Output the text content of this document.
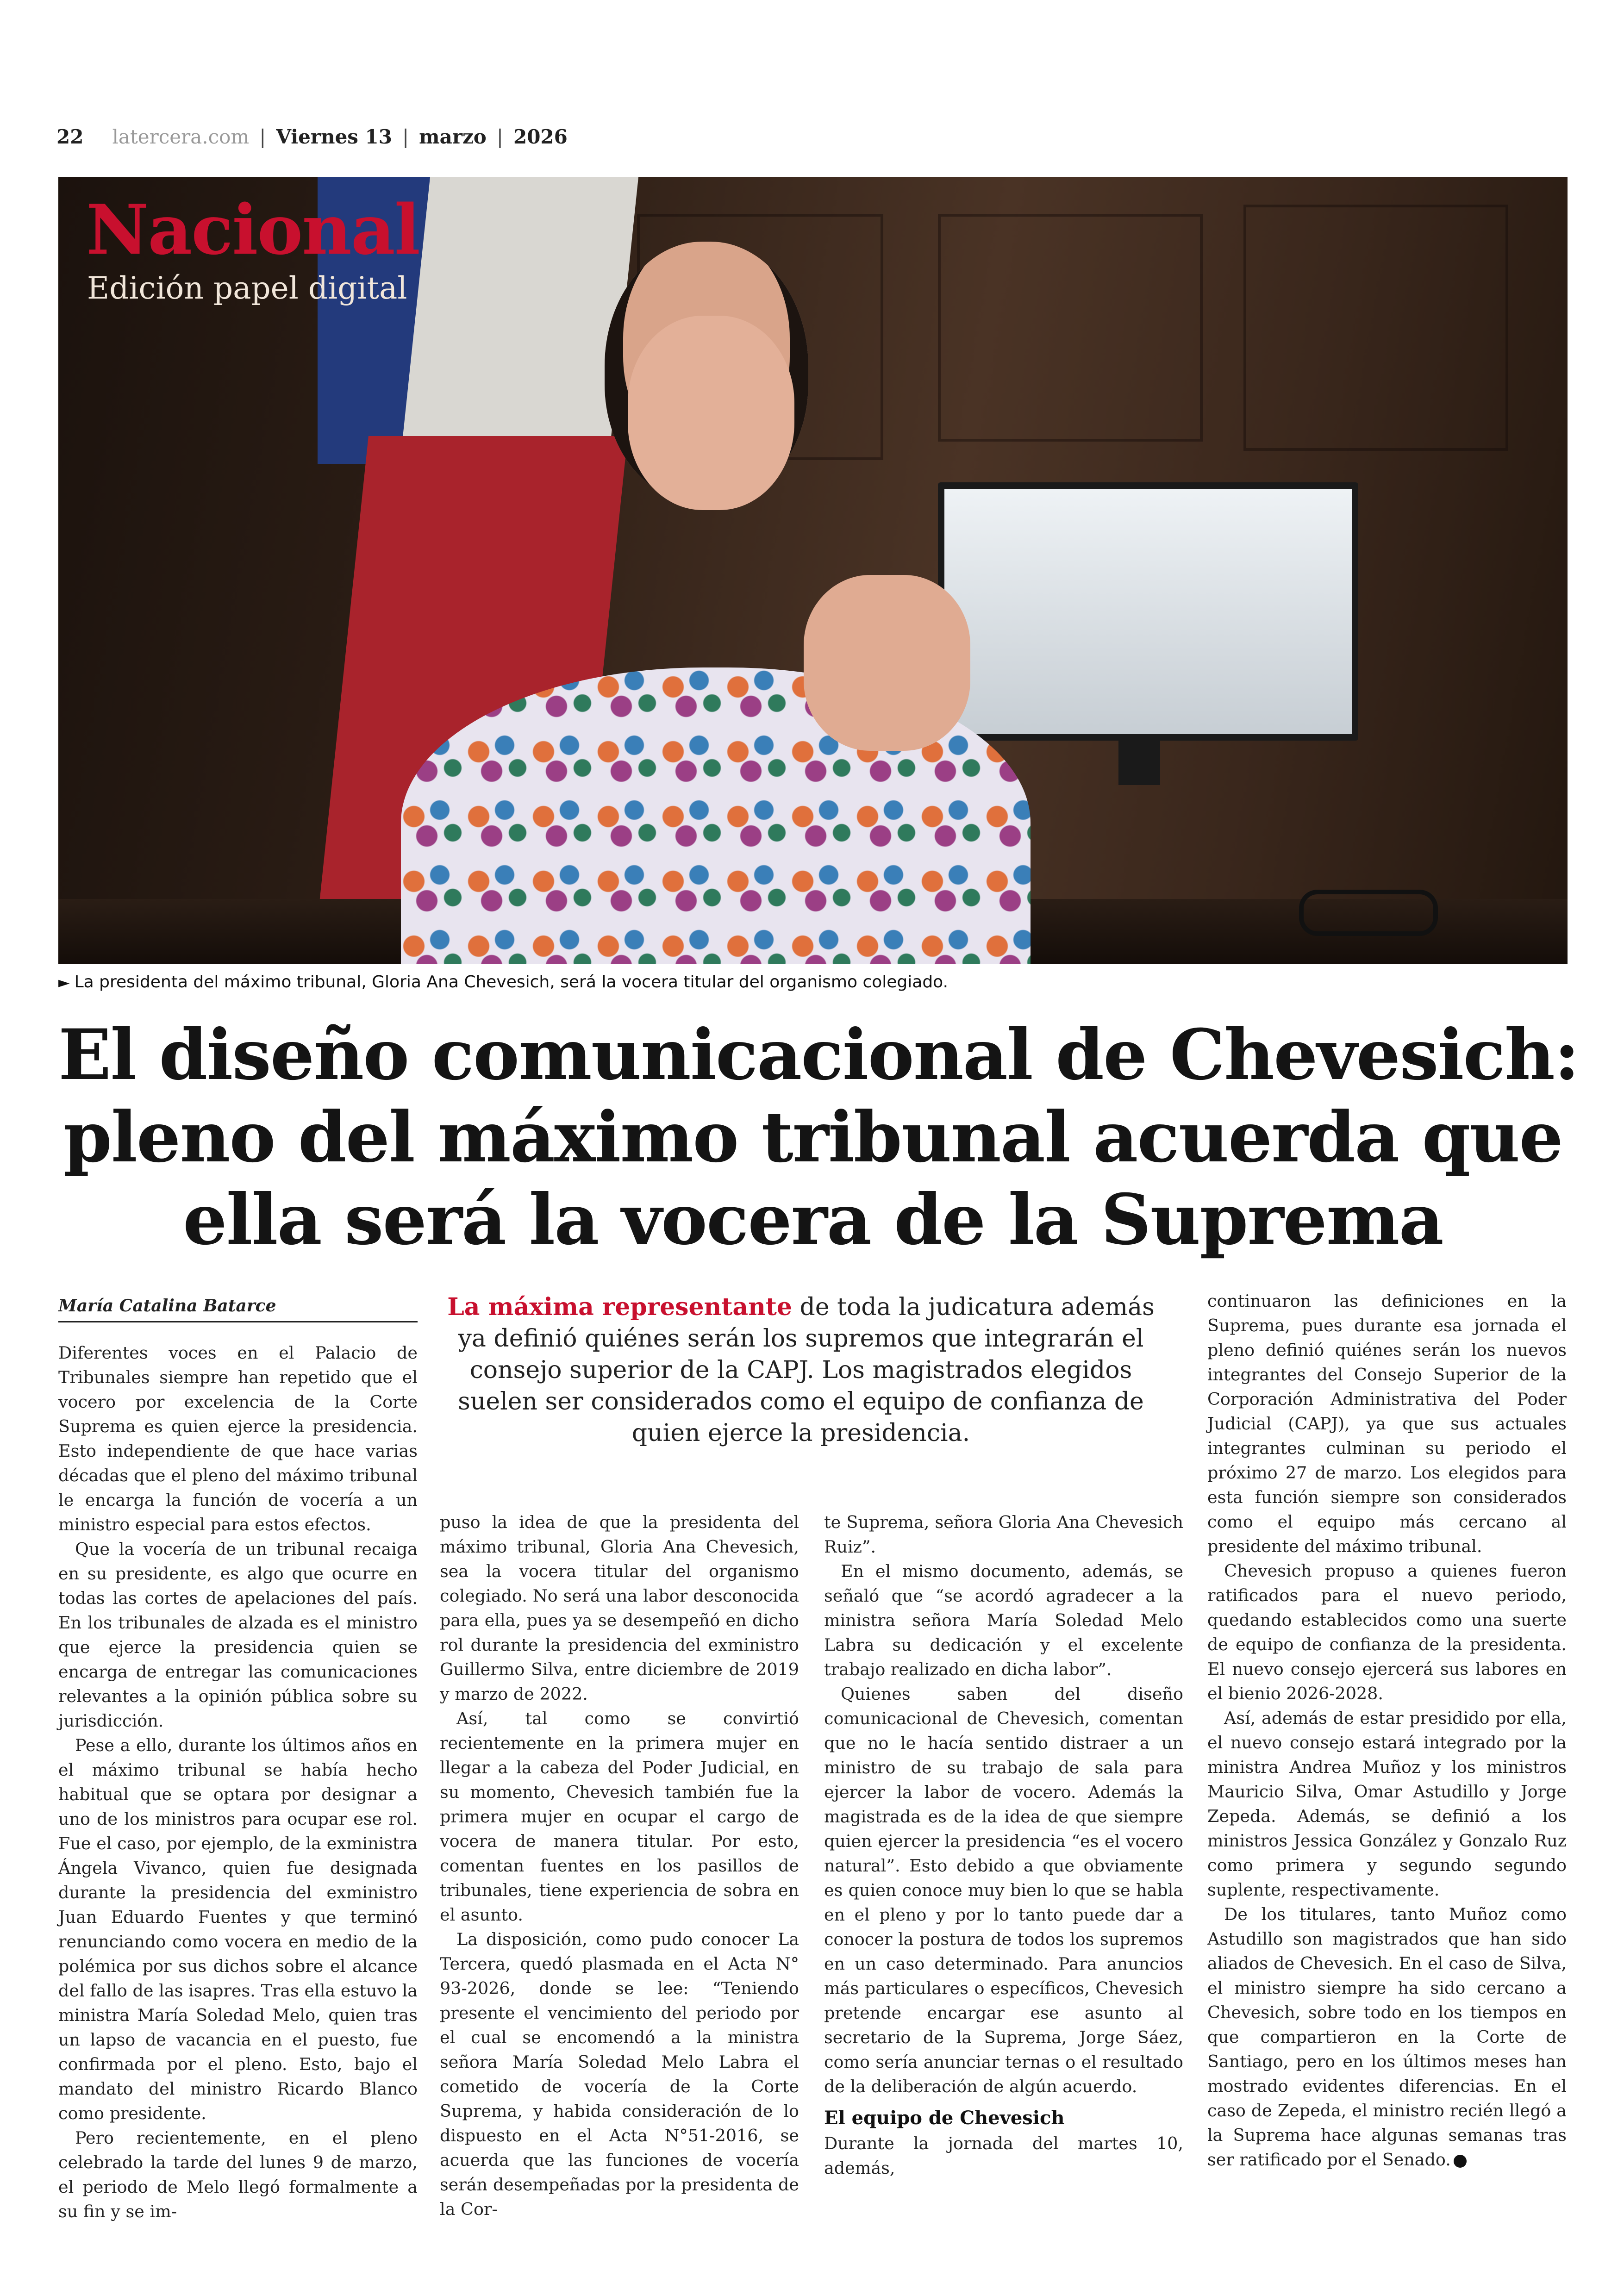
22 latercera.com | Viernes 13 | marzo | 2026
Nacional
Edición papel digital
► La presidenta del máximo tribunal, Gloria Ana Chevesich, será la vocera titular del organismo colegiado.
El diseño comunicacional de Chevesich:
pleno del máximo tribunal acuerda que
ella será la vocera de la Suprema
María Catalina Batarce	La máxima representante de toda la judicatura además ya definió quiénes serán los supremos que integrarán el consejo superior de la CAPJ. Los magistrados elegidos suelen ser considerados como el equipo de confianza de quien ejerce la presidencia.

Diferentes voces en el Palacio de Tribunales siempre han repetido que el vocero por excelencia de la Corte Suprema es quien ejerce la presidencia. Esto independiente de que hace varias décadas que el pleno del máximo tribunal le encarga la función de vocería a un ministro especial para estos efectos.

Que la vocería de un tribunal recaiga en su presidente, es algo que ocurre en todas las cortes de apelaciones del país. En los tribunales de alzada es el ministro que ejerce la presidencia quien se encarga de entregar las comunicaciones relevantes a la opinión pública sobre su jurisdicción.

Pese a ello, durante los últimos años en el máximo tribunal se había hecho habitual que se optara por designar a uno de los ministros para ocupar ese rol. Fue el caso, por ejemplo, de la exministra Ángela Vivanco, quien fue designada durante la presidencia del exministro Juan Eduardo Fuentes y que terminó renunciando como vocera en medio de la polémica por sus dichos sobre el alcance del fallo de las isapres. Tras ella estuvo la ministra María Soledad Melo, quien tras un lapso de vacancia en el puesto, fue confirmada por el pleno. Esto, bajo el mandato del ministro Ricardo Blanco como presidente.

Pero recientemente, en el pleno celebrado la tarde del lunes 9 de marzo, el periodo de Melo llegó formalmente a su fin y se im-

puso la idea de que la presidenta del máximo tribunal, Gloria Ana Chevesich, sea la vocera titular del organismo colegiado. No será una labor desconocida para ella, pues ya se desempeñó en dicho rol durante la presidencia del exministro Guillermo Silva, entre diciembre de 2019 y marzo de 2022.

Así, tal como se convirtió recientemente en la primera mujer en llegar a la cabeza del Poder Judicial, en su momento, Chevesich también fue la primera mujer en ocupar el cargo de vocera de manera titular. Por esto, comentan fuentes en los pasillos de tribunales, tiene experiencia de sobra en el asunto.

La disposición, como pudo conocer La Tercera, quedó plasmada en el Acta N° 93-2026, donde se lee: “Teniendo presente el vencimiento del periodo por el cual se encomendó a la ministra señora María Soledad Melo Labra el cometido de vocería de la Corte Suprema, y habida consideración de lo dispuesto en el Acta N°51-2016, se acuerda que las funciones de vocería serán desempeñadas por la presidenta de la Cor-

te Suprema, señora Gloria Ana Chevesich Ruiz”.

En el mismo documento, además, se señaló que “se acordó agradecer a la ministra señora María Soledad Melo Labra su dedicación y el excelente trabajo realizado en dicha labor”.

Quienes saben del diseño comunicacional de Chevesich, comentan que no le hacía sentido distraer a un ministro de su trabajo de sala para ejercer la labor de vocero. Además la magistrada es de la idea de que siempre quien ejercer la presidencia “es el vocero natural”. Esto debido a que obviamente es quien conoce muy bien lo que se habla en el pleno y por lo tanto puede dar a conocer la postura de todos los supremos en un caso determinado. Para anuncios más particulares o específicos, Chevesich pretende encargar ese asunto al secretario de la Suprema, Jorge Sáez, como sería anunciar ternas o el resultado de la deliberación de algún acuerdo.

El equipo de Chevesich

Durante la jornada del martes 10, además,

continuaron las definiciones en la Suprema, pues durante esa jornada el pleno definió quiénes serán los nuevos integrantes del Consejo Superior de la Corporación Administrativa del Poder Judicial (CAPJ), ya que sus actuales integrantes culminan su periodo el próximo 27 de marzo. Los elegidos para esta función siempre son considerados como el equipo más cercano al presidente del máximo tribunal.

Chevesich propuso a quienes fueron ratificados para el nuevo periodo, quedando establecidos como una suerte de equipo de confianza de la presidenta. El nuevo consejo ejercerá sus labores en el bienio 2026-2028.

Así, además de estar presidido por ella, el nuevo consejo estará integrado por la ministra Andrea Muñoz y los ministros Mauricio Silva, Omar Astudillo y Jorge Zepeda. Además, se definió a los ministros Jessica González y Gonzalo Ruz como primera y segundo segundo suplente, respectivamente.

De los titulares, tanto Muñoz como Astudillo son magistrados que han sido aliados de Chevesich. En el caso de Silva, el ministro siempre ha sido cercano a Chevesich, sobre todo en los tiempos en que compartieron en la Corte de Santiago, pero en los últimos meses han mostrado evidentes diferencias. En el caso de Zepeda, el ministro recién llegó a la Suprema hace algunas semanas tras ser ratificado por el Senado.
